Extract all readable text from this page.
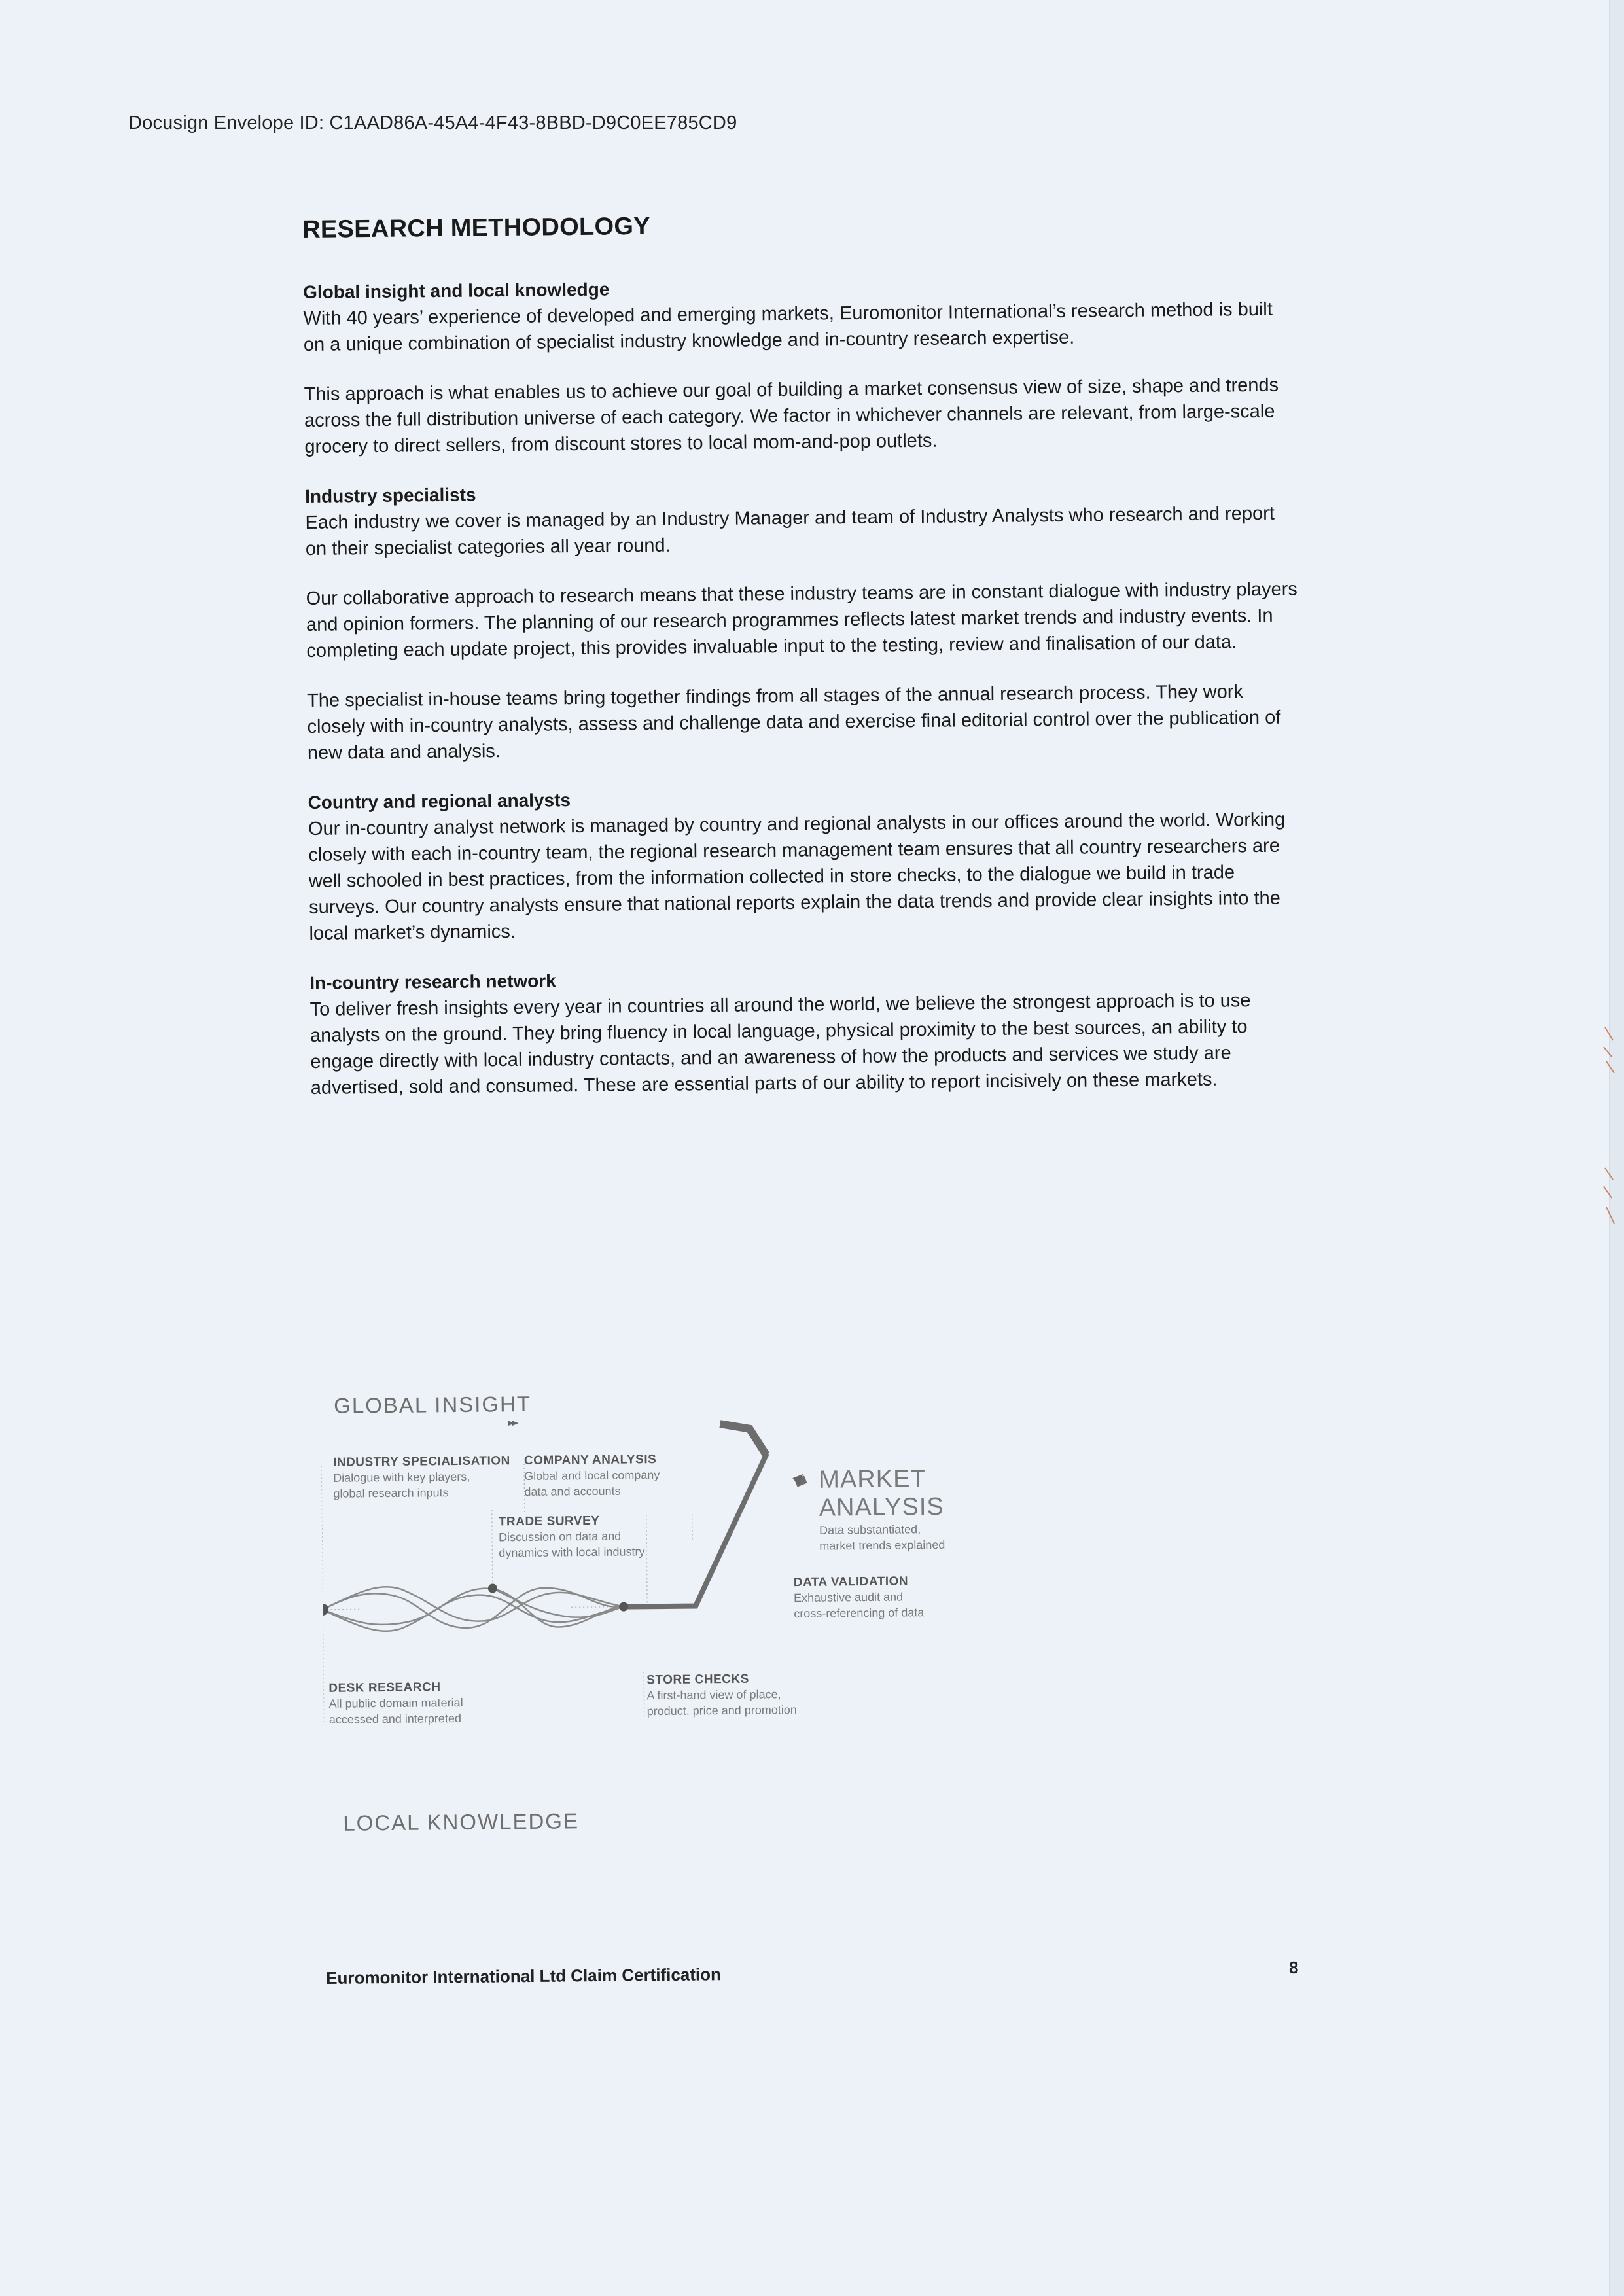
Docusign Envelope ID: C1AAD86A-45A4-4F43-8BBD-D9C0EE785CD9
RESEARCH METHODOLOGY
Global insight and local knowledge

With 40 years’ experience of developed and emerging markets, Euromonitor International’s research method is built on a unique combination of specialist industry knowledge and in-country research expertise.

This approach is what enables us to achieve our goal of building a market consensus view of size, shape and trends across the full distribution universe of each category. We factor in whichever channels are relevant, from large-scale grocery to direct sellers, from discount stores to local mom-and-pop outlets.

Industry specialists

Each industry we cover is managed by an Industry Manager and team of Industry Analysts who research and report on their specialist categories all year round.

Our collaborative approach to research means that these industry teams are in constant dialogue with industry players and opinion formers. The planning of our research programmes reflects latest market trends and industry events. In completing each update project, this provides invaluable input to the testing, review and finalisation of our data.

The specialist in-house teams bring together findings from all stages of the annual research process. They work closely with in-country analysts, assess and challenge data and exercise final editorial control over the publication of new data and analysis.

Country and regional analysts

Our in-country analyst network is managed by country and regional analysts in our offices around the world. Working closely with each in-country team, the regional research management team ensures that all country researchers are well schooled in best practices, from the information collected in store checks, to the dialogue we build in trade surveys. Our country analysts ensure that national reports explain the data trends and provide clear insights into the local market’s dynamics.

In-country research network

To deliver fresh insights every year in countries all around the world, we believe the strongest approach is to use analysts on the ground. They bring fluency in local language, physical proximity to the best sources, an ability to engage directly with local industry contacts, and an awareness of how the products and services we study are advertised, sold and consumed. These are essential parts of our ability to report incisively on these markets.

GLOBAL INSIGHT
INDUSTRY SPECIALISATION
Dialogue with key players,
global research inputs
COMPANY ANALYSIS
Global and local company
data and accounts	MARKET ANALYSIS
Data substantiated,
market trends explained
TRADE SURVEY
Discussion on data and
dynamics with local industry
DATA VALIDATION
Exhaustive audit and
cross-referencing of data
DESK RESEARCH
All public domain material
accessed and interpreted
STORE CHECKS
A first-hand view of place,
product, price and promotion
LOCAL KNOWLEDGE
Euromonitor International Ltd Claim Certification	8
